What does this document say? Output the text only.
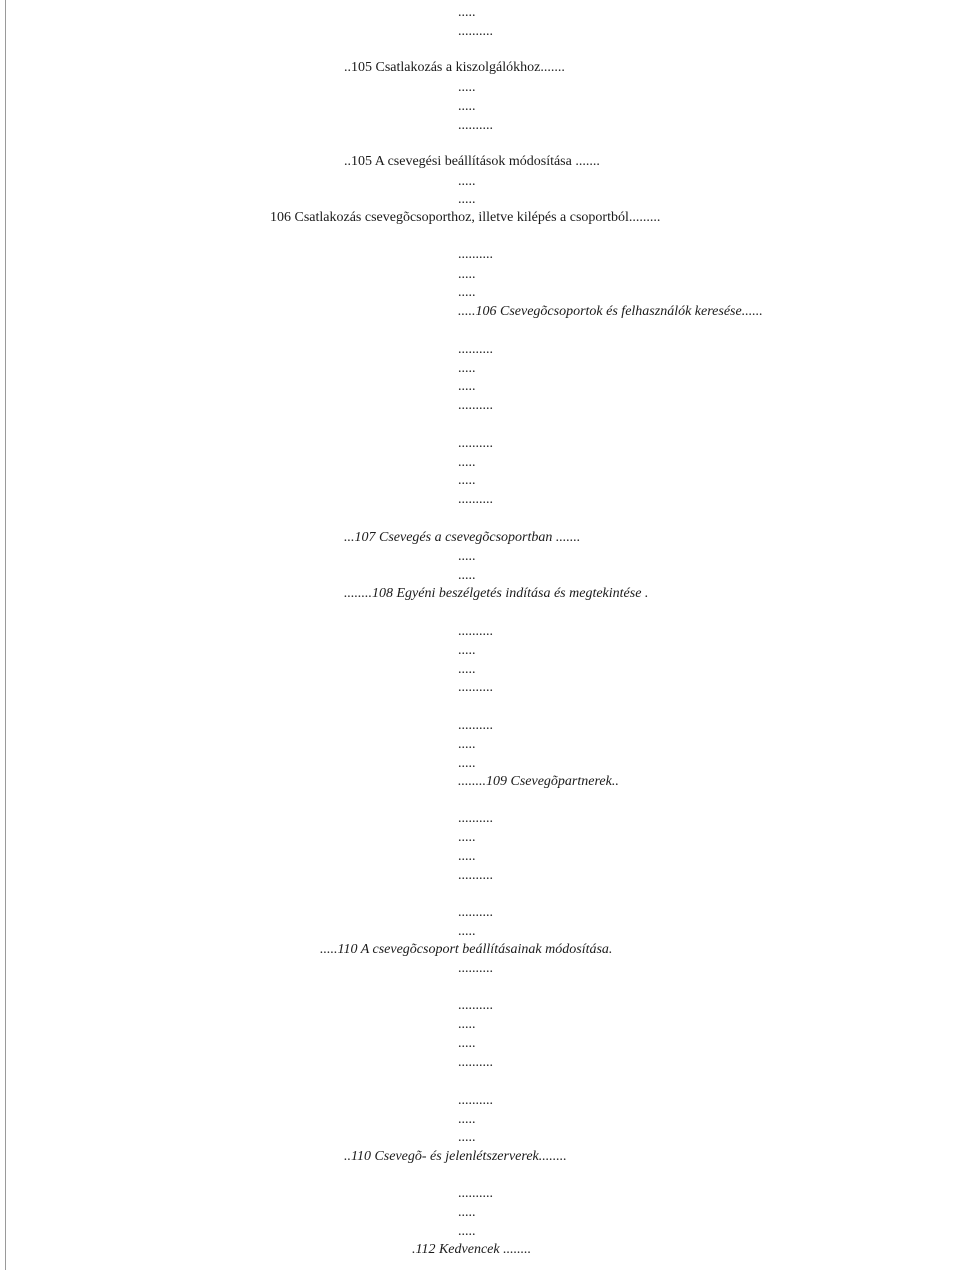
.....
..........
..105 Csatlakozás a kiszolgálókhoz.......
.....
.....
..........
..105 A csevegési beállítások módosítása .......
.....
.....
106 Csatlakozás csevegõcsoporthoz, illetve kilépés a csoportból.........
..........
.....
.....
.....106 Csevegõcsoportok és felhasználók keresése......
..........
.....
.....
..........
..........
.....
.....
..........
...107 Csevegés a csevegõcsoportban .......
.....
.....
........108 Egyéni beszélgetés indítása és megtekintése .
..........
.....
.....
..........
..........
.....
.....
........109 Csevegõpartnerek..
..........
.....
.....
..........
..........
.....
.....110 A csevegõcsoport beállításainak módosítása.
..........
..........
.....
.....
..........
..........
.....
.....
..110 Csevegõ- és jelenlétszerverek........
..........
.....
.....
.112 Kedvencek ........
